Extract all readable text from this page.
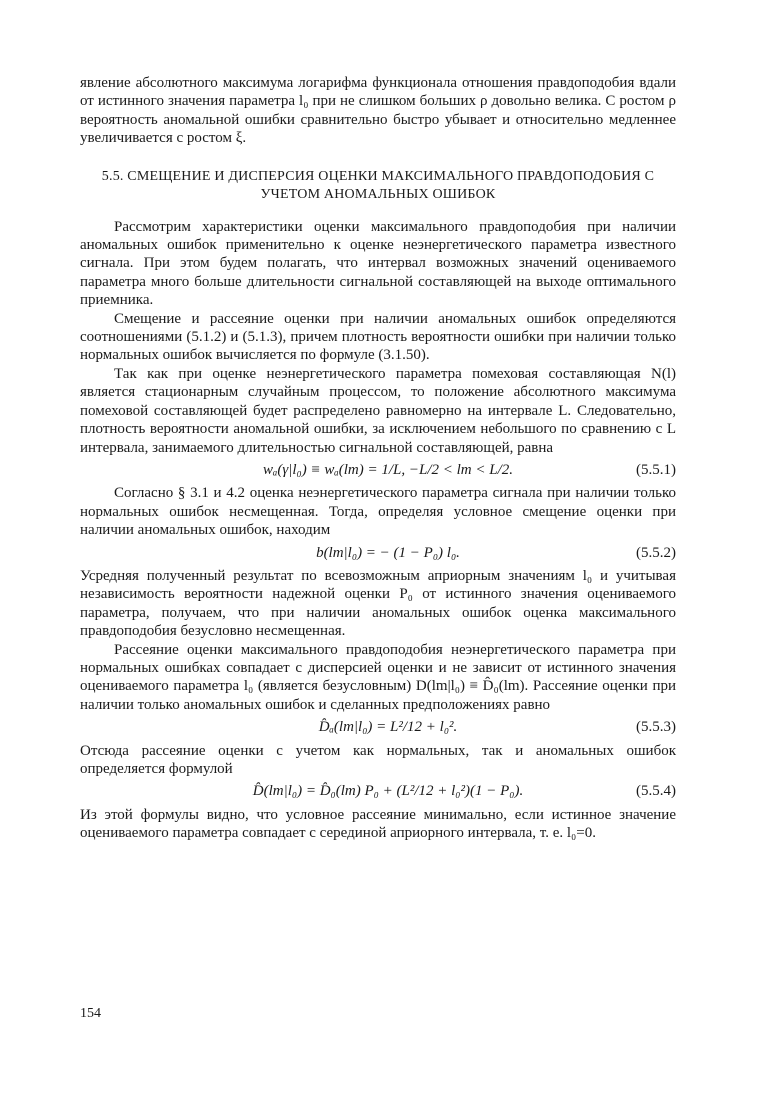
явление абсолютного максимума логарифма функционала отношения правдоподобия вдали от истинного значения параметра l₀ при не слишком больших ρ довольно велика. С ростом ρ вероятность аномальной ошибки сравнительно быстро убывает и относительно медленнее увеличивается с ростом ξ.

5.5. СМЕЩЕНИЕ И ДИСПЕРСИЯ ОЦЕНКИ МАКСИМАЛЬНОГО ПРАВДОПОДОБИЯ С УЧЕТОМ АНОМАЛЬНЫХ ОШИБОК

Рассмотрим характеристики оценки максимального правдоподобия при наличии аномальных ошибок применительно к оценке неэнергетического параметра известного сигнала. При этом будем полагать, что интервал возможных значений оцениваемого параметра много больше длительности сигнальной составляющей на выходе оптимального приемника.

Смещение и рассеяние оценки при наличии аномальных ошибок определяются соотношениями (5.1.2) и (5.1.3), причем плотность вероятности ошибки при наличии только нормальных ошибок вычисляется по формуле (3.1.50).

Так как при оценке неэнергетического параметра помеховая составляющая N(l) является стационарным случайным процессом, то положение абсолютного максимума помеховой составляющей будет распределено равномерно на интервале L. Следовательно, плотность вероятности аномальной ошибки, за исключением небольшого по сравнению с L интервала, занимаемого длительностью сигнальной составляющей, равна

wₐ(γ|l₀) ≡ wₐ(lm) = 1/L, −L/2 < lm < L/2.	(5.5.1)

Согласно § 3.1 и 4.2 оценка неэнергетического параметра сигнала при наличии только нормальных ошибок несмещенная. Тогда, определяя условное смещение оценки при наличии аномальных ошибок, находим

b(lm|l₀) = − (1 − P₀) l₀.	(5.5.2)

Усредняя полученный результат по всевозможным априорным значениям l₀ и учитывая независимость вероятности надежной оценки P₀ от истинного значения оцениваемого параметра, получаем, что при наличии аномальных ошибок оценка максимального правдоподобия безусловно несмещенная.

Рассеяние оценки максимального правдоподобия неэнергетического параметра при нормальных ошибках совпадает с дисперсией оценки и не зависит от истинного значения оцениваемого параметра l₀ (является безусловным) D(lm|l₀) ≡ D̂₀(lm). Рассеяние оценки при наличии только аномальных ошибок и сделанных предположениях равно

D̂ₐ(lm|l₀) = L²/12 + l₀².	(5.5.3)

Отсюда рассеяние оценки с учетом как нормальных, так и аномальных ошибок определяется формулой

D̂(lm|l₀) = D̂₀(lm) P₀ + (L²/12 + l₀²)(1 − P₀).	(5.5.4)

Из этой формулы видно, что условное рассеяние минимально, если истинное значение оцениваемого параметра совпадает с серединой априорного интервала, т. е. l₀=0.

154
